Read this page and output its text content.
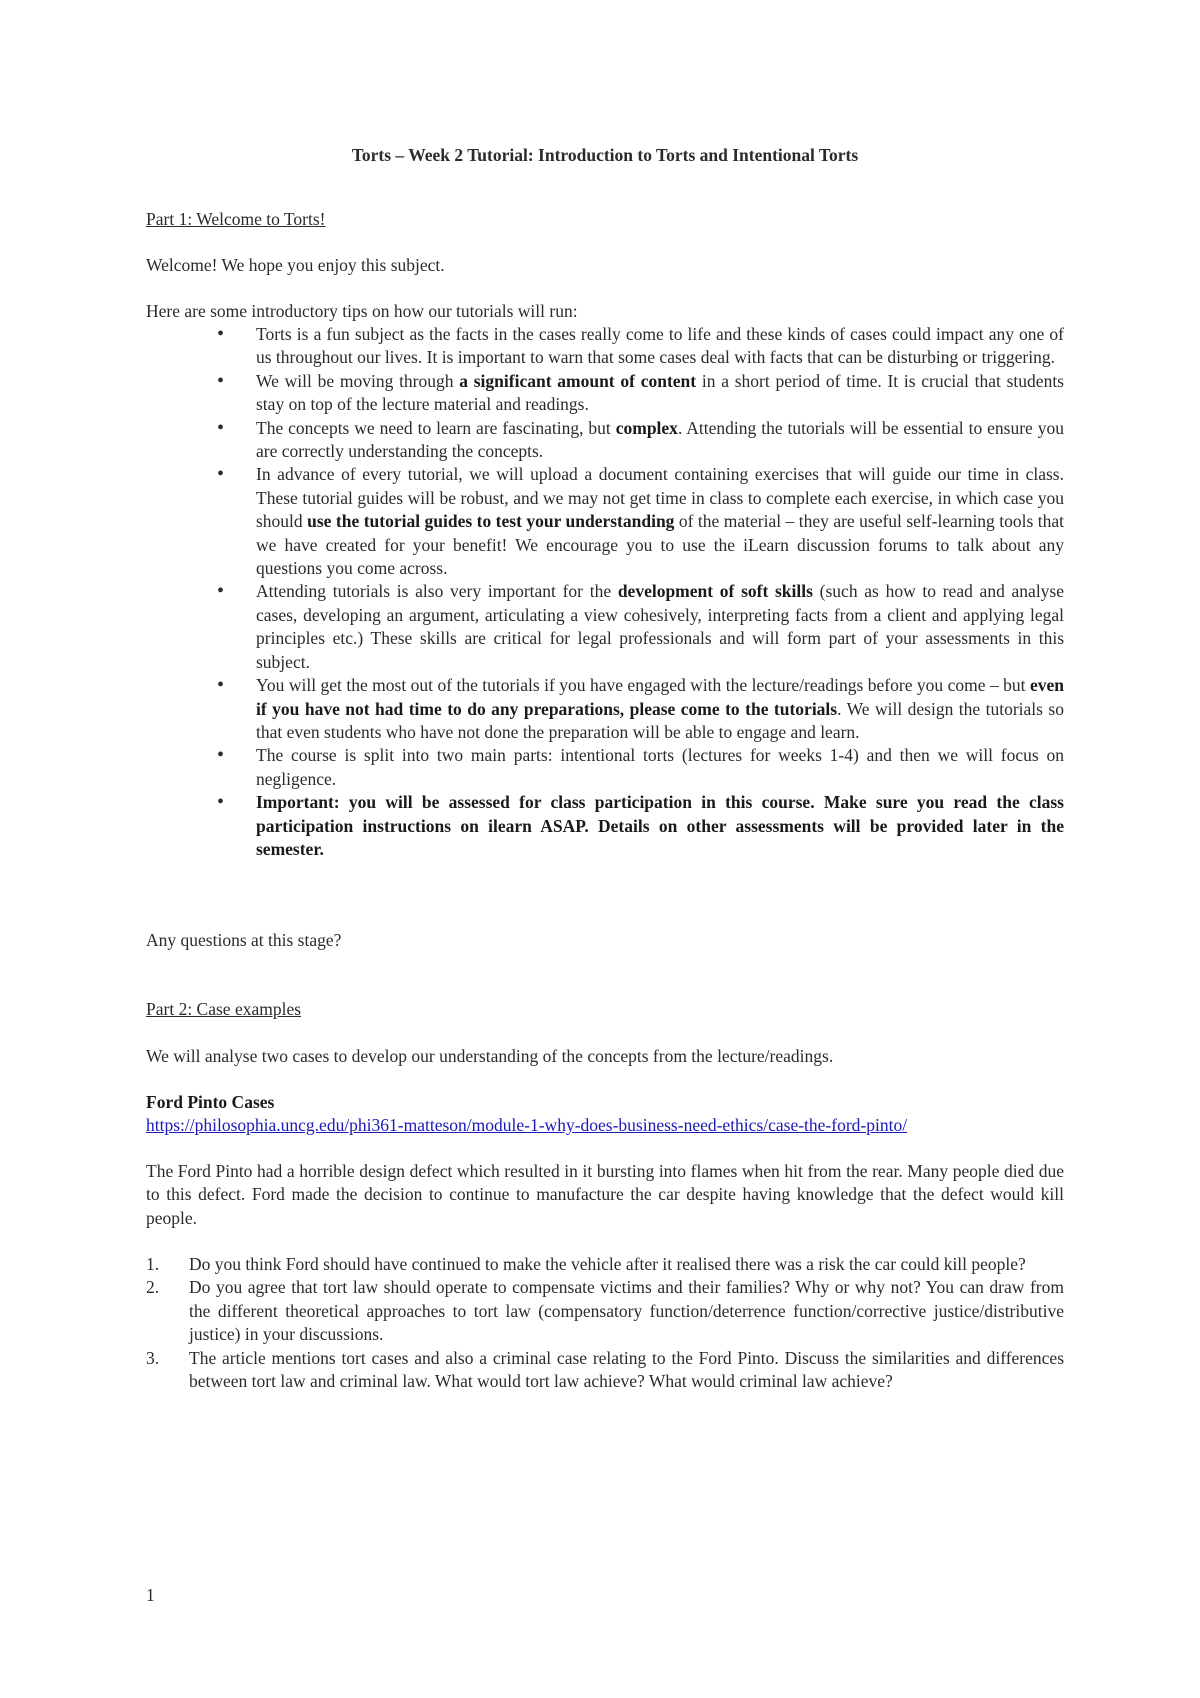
Torts – Week 2 Tutorial: Introduction to Torts and Intentional Torts
Part 1: Welcome to Torts!
Welcome! We hope you enjoy this subject.
Here are some introductory tips on how our tutorials will run:
• Torts is a fun subject as the facts in the cases really come to life and these kinds of cases could impact any one of us throughout our lives. It is important to warn that some cases deal with facts that can be disturbing or triggering.
• We will be moving through a significant amount of content in a short period of time. It is crucial that students stay on top of the lecture material and readings.
• The concepts we need to learn are fascinating, but complex. Attending the tutorials will be essential to ensure you are correctly understanding the concepts.
• In advance of every tutorial, we will upload a document containing exercises that will guide our time in class. These tutorial guides will be robust, and we may not get time in class to complete each exercise, in which case you should use the tutorial guides to test your understanding of the material – they are useful self-learning tools that we have created for your benefit! We encourage you to use the iLearn discussion forums to talk about any questions you come across.
• Attending tutorials is also very important for the development of soft skills (such as how to read and analyse cases, developing an argument, articulating a view cohesively, interpreting facts from a client and applying legal principles etc.) These skills are critical for legal professionals and will form part of your assessments in this subject.
• You will get the most out of the tutorials if you have engaged with the lecture/readings before you come – but even if you have not had time to do any preparations, please come to the tutorials. We will design the tutorials so that even students who have not done the preparation will be able to engage and learn.
• The course is split into two main parts: intentional torts (lectures for weeks 1-4) and then we will focus on negligence.
• Important: you will be assessed for class participation in this course. Make sure you read the class participation instructions on ilearn ASAP. Details on other assessments will be provided later in the semester.
Any questions at this stage?
Part 2: Case examples
We will analyse two cases to develop our understanding of the concepts from the lecture/readings.
Ford Pinto Cases
https://philosophia.uncg.edu/phi361-matteson/module-1-why-does-business-need-ethics/case-the-ford-pinto/
The Ford Pinto had a horrible design defect which resulted in it bursting into flames when hit from the rear. Many people died due to this defect. Ford made the decision to continue to manufacture the car despite having knowledge that the defect would kill people.
1. Do you think Ford should have continued to make the vehicle after it realised there was a risk the car could kill people?
2. Do you agree that tort law should operate to compensate victims and their families? Why or why not? You can draw from the different theoretical approaches to tort law (compensatory function/deterrence function/corrective justice/distributive justice) in your discussions.
3. The article mentions tort cases and also a criminal case relating to the Ford Pinto. Discuss the similarities and differences between tort law and criminal law. What would tort law achieve? What would criminal law achieve?
1
